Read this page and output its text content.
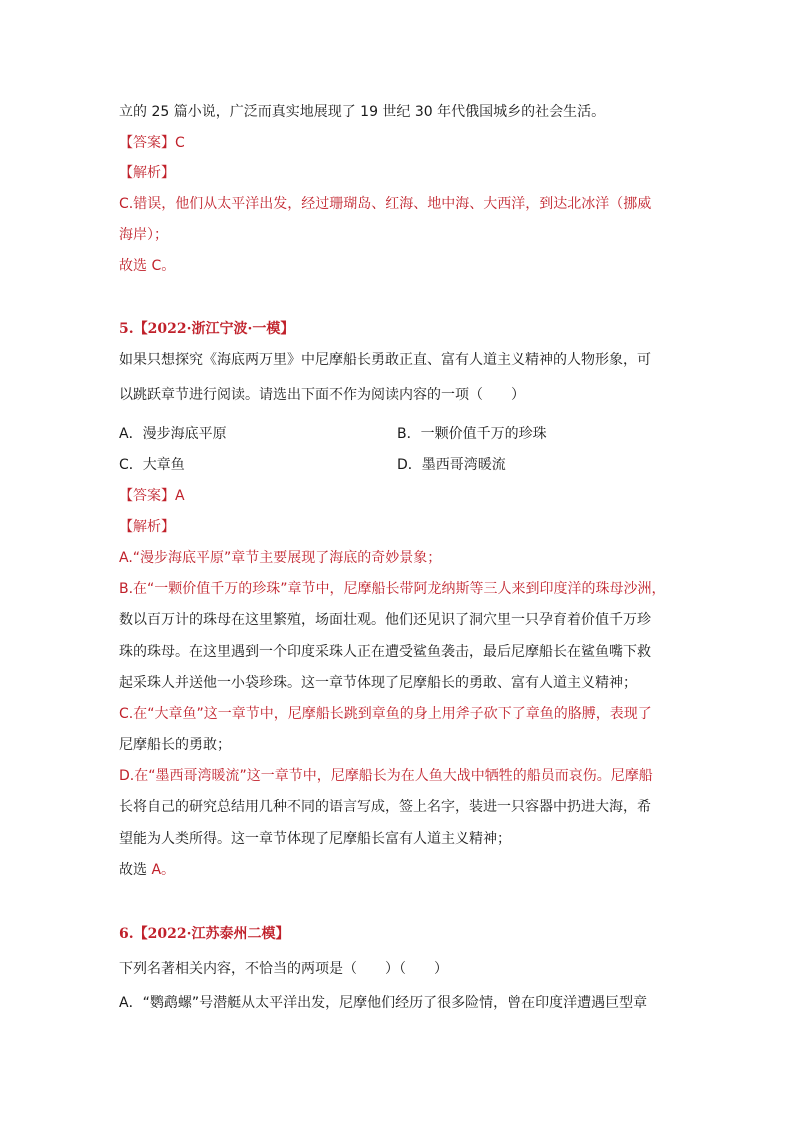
立的 25 篇小说，广泛而真实地展现了 19 世纪 30 年代俄国城乡的社会生活。
【答案】C
【解析】
C.错误，他们从太平洋出发，经过珊瑚岛、红海、地中海、大西洋，到达北冰洋（挪威
海岸）；
故选 C。
5.【2022·浙江宁波·一模】
如果只想探究《海底两万里》中尼摩船长勇敢正直、富有人道主义精神的人物形象，可
以跳跃章节进行阅读。请选出下面不作为阅读内容的一项（　　）
A．漫步海底平原	B．一颗价值千万的珍珠
C．大章鱼	D．墨西哥湾暖流
【答案】A
【解析】
A.“漫步海底平原”章节主要展现了海底的奇妙景象；
B.在“一颗价值千万的珍珠”章节中，尼摩船长带阿龙纳斯等三人来到印度洋的珠母沙洲，
数以百万计的珠母在这里繁殖，场面壮观。他们还见识了洞穴里一只孕育着价值千万珍
珠的珠母。在这里遇到一个印度采珠人正在遭受鲨鱼袭击，最后尼摩船长在鲨鱼嘴下救
起采珠人并送他一小袋珍珠。这一章节体现了尼摩船长的勇敢、富有人道主义精神；
C.在“大章鱼”这一章节中，尼摩船长跳到章鱼的身上用斧子砍下了章鱼的胳膊，表现了
尼摩船长的勇敢；
D.在“墨西哥湾暖流”这一章节中，尼摩船长为在人鱼大战中牺牲的船员而哀伤。尼摩船
长将自己的研究总结用几种不同的语言写成，签上名字，装进一只容器中扔进大海，希
望能为人类所得。这一章节体现了尼摩船长富有人道主义精神；
故选 A。
6.【2022·江苏泰州二模】
下列名著相关内容，不恰当的两项是（　　）（　　）
A．“鹦鹉螺”号潜艇从太平洋出发，尼摩他们经历了很多险情，曾在印度洋遭遇巨型章
